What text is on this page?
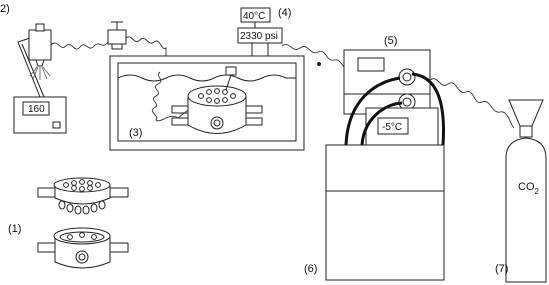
(1)
160
2)
(3)
40°C
2330 psi
(4)
(5)
-5°C
(6)
$CO_2$
(7)
